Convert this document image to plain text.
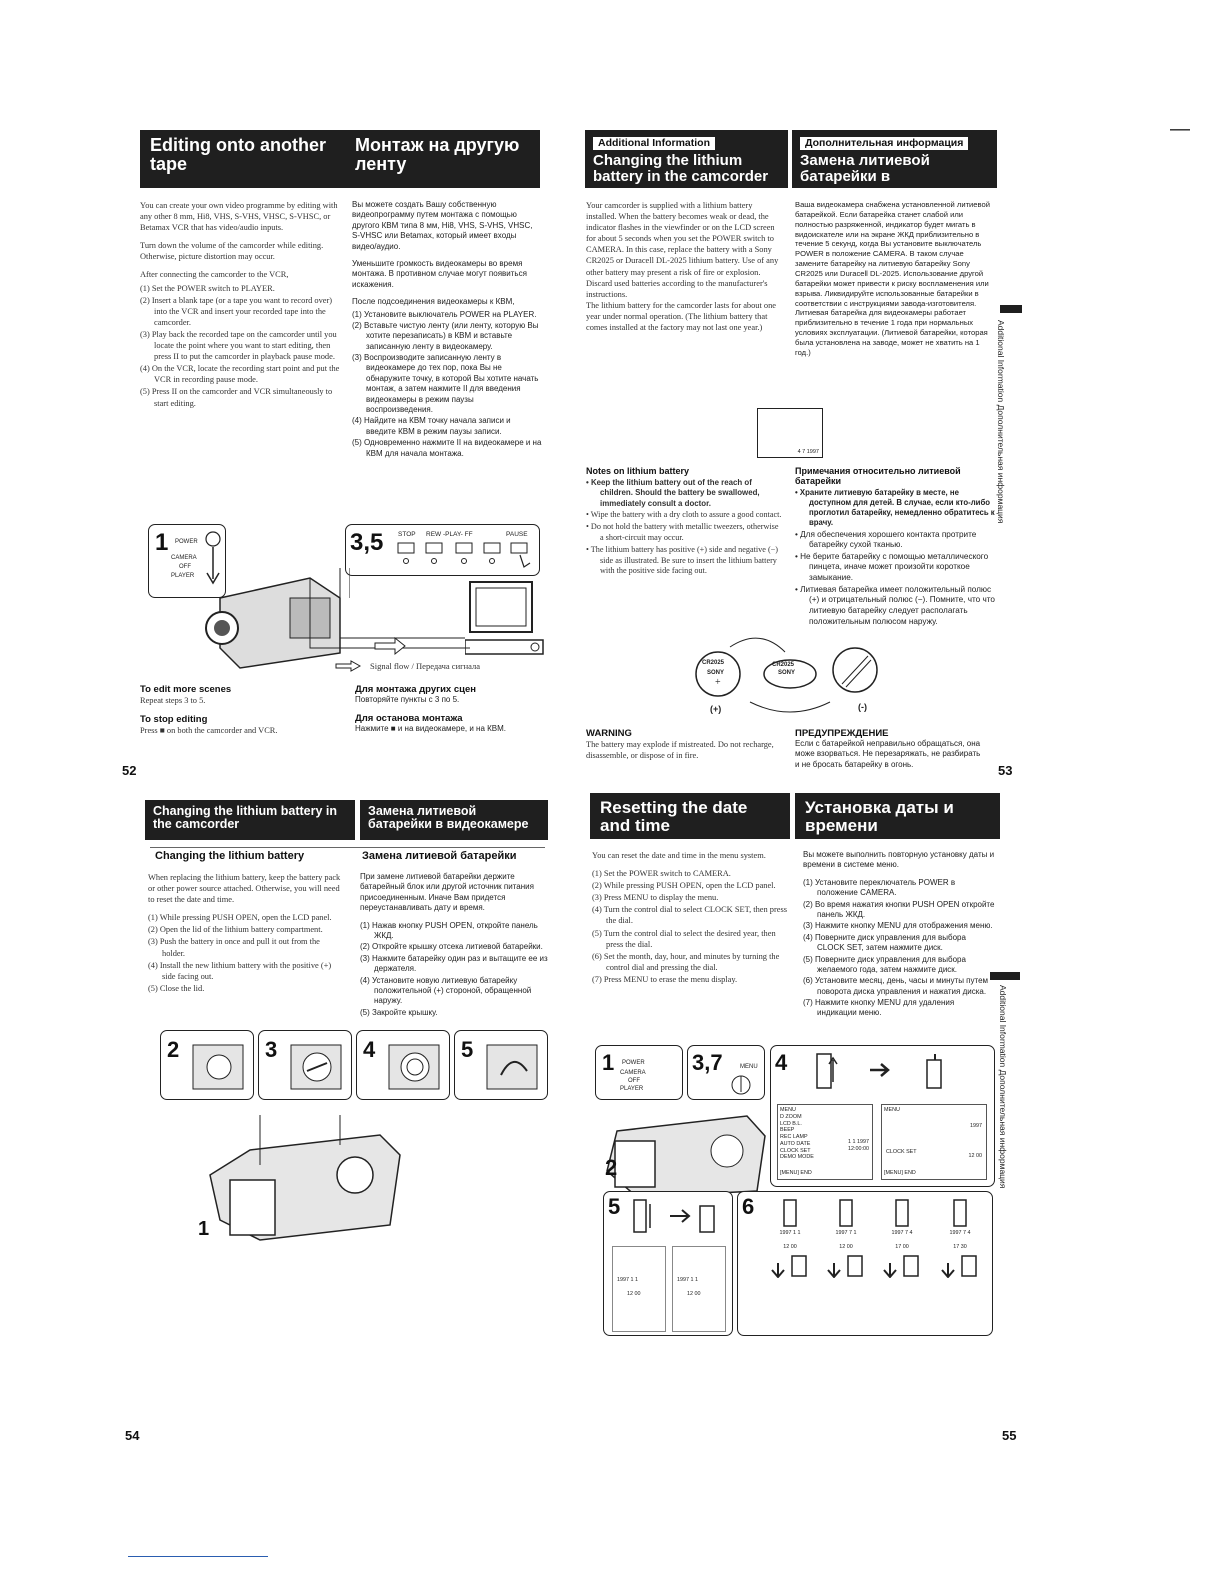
—
Editing onto another tape
Монтаж на другую ленту

You can create your own video programme by editing with any other 8 mm, Hi8, VHS, S-VHS, VHSC, S-VHSC, or Betamax VCR that has video/audio inputs.

Turn down the volume of the camcorder while editing. Otherwise, picture distortion may occur.

After connecting the camcorder to the VCR,

(1) Set the POWER switch to PLAYER.
(2) Insert a blank tape (or a tape you want to record over) into the VCR and insert your recorded tape into the camcorder.
(3) Play back the recorded tape on the camcorder until you locate the point where you want to start editing, then press II to put the camcorder in playback pause mode.
(4) On the VCR, locate the recording start point and put the VCR in recording pause mode.
(5) Press II on the camcorder and VCR simultaneously to start editing.

Вы можете создать Вашу собственную видеопрограмму путем монтажа с помощью другого КВМ типа 8 мм, Hi8, VHS, S-VHS, VHSC, S-VHSC или Betamax, который имеет входы видео/аудио.

Уменьшите громкость видеокамеры во время монтажа. В противном случае могут появиться искажения.

После подсоединения видеокамеры к КВМ,

(1) Установите выключатель POWER на PLAYER.
(2) Вставьте чистую ленту (или ленту, которую Вы хотите перезаписать) в КВМ и вставьте записанную ленту в видеокамеру.
(3) Воспроизводите записанную ленту в видеокамере до тех пор, пока Вы не обнаружите точку, в которой Вы хотите начать монтаж, а затем нажмите II для введения видеокамеры в режим паузы воспроизведения.
(4) Найдите на КВМ точку начала записи и введите КВМ в режим паузы записи.
(5) Одновременно нажмите II на видеокамере и на КВМ для начала монтажа.
1 POWER
CAMERA
OFF
PLAYER
3,5 STOP REW -PLAY- FF	PAUSE
Signal flow / Передача сигнала

To edit more scenes

Repeat steps 3 to 5.

To stop editing

Press ■ on both the camcorder and VCR.

Для монтажа других сцен

Повторяйте пункты с 3 по 5.

Для останова монтажа

Нажмите ■ и на видеокамере, и на КВМ.

52
Additional Information
Changing the lithium battery in the camcorder
Дополнительная информация
Замена литиевой батарейки в видеокамере

Your camcorder is supplied with a lithium battery installed. When the battery becomes weak or dead, the indicator flashes in the viewfinder or on the LCD screen for about 5 seconds when you set the POWER switch to CAMERA. In this case, replace the battery with a Sony CR2025 or Duracell DL-2025 lithium battery. Use of any other battery may present a risk of fire or explosion. Discard used batteries according to the manufacturer's instructions.
The lithium battery for the camcorder lasts for about one year under normal operation. (The lithium battery that comes installed at the factory may not last one year.)

Ваша видеокамера снабжена установленной литиевой батарейкой. Если батарейка станет слабой или полностью разряженной, индикатор будет мигать в видоискателе или на экране ЖКД приблизительно в течение 5 секунд, когда Вы установите выключатель POWER в положение CAMERA. В таком случае замените батарейку на литиевую батарейку Sony CR2025 или Duracell DL-2025. Использование другой батарейки может привести к риску воспламенения или взрыва. Ликвидируйте использованные батарейки в соответствии с инструкциями завода-изготовителя.
Литиевая батарейка для видеокамеры работает приблизительно в течение 1 года при нормальных условиях эксплуатации. (Литиевой батарейки, которая была установлена на заводе, может не хватить на 1 год.)

4 7 1997

Notes on lithium battery

• Keep the lithium battery out of the reach of children. Should the battery be swallowed, immediately consult a doctor.
• Wipe the battery with a dry cloth to assure a good contact.
• Do not hold the battery with metallic tweezers, otherwise a short-circuit may occur.
• The lithium battery has positive (+) side and negative (−) side as illustrated. Be sure to insert the lithium battery with the positive side facing out.

Примечания относительно литиевой батарейки

• Храните литиевую батарейку в месте, не доступном для детей. В случае, если кто-либо проглотил батарейку, немедленно обратитесь к врачу.
• Для обеспечения хорошего контакта протрите батарейку сухой тканью.
• Не берите батарейку с помощью металлического пинцета, иначе может произойти короткое замыкание.
• Литиевая батарейка имеет положительный полюс (+) и отрицательный полюс (−). Помните, что что литиевую батарейку следует располагать положительным полюсом наружу.
CR2025
SONY
+
CR2025
SONY
(+)	(-)

WARNING

The battery may explode if mistreated. Do not recharge, disassemble, or dispose of in fire.

ПРЕДУПРЕЖДЕНИЕ

Если с батарейкой неправильно обращаться, она може взорваться. Не перезаряжать, не разбирать и не бросать батарейку в огонь.	53
Additional Information Дополнительная информация
Changing the lithium battery in the camcorder
Замена литиевой батарейки в видеокамере

Changing the lithium battery	Замена литиевой батарейки

When replacing the lithium battery, keep the battery pack or other power source attached. Otherwise, you will need to reset the date and time.

(1) While pressing PUSH OPEN, open the LCD panel.
(2) Open the lid of the lithium battery compartment.
(3) Push the battery in once and pull it out from the holder.
(4) Install the new lithium battery with the positive (+) side facing out.
(5) Close the lid.

При замене литиевой батарейки держите батарейный блок или другой источник питания присоединенным. Иначе Вам придется переустанавливать дату и время.

(1) Нажав кнопку PUSH OPEN, откройте панель ЖКД.
(2) Откройте крышку отсека литиевой батарейки.
(3) Нажмите батарейку один раз и вытащите ее из держателя.
(4) Установите новую литиевую батарейку положительной (+) стороной, обращенной наружу.
(5) Закройте крышку.
2	3	4	5
1
54
Resetting the date and time
Установка даты и времени

You can reset the date and time in the menu system.

(1) Set the POWER switch to CAMERA.
(2) While pressing PUSH OPEN, open the LCD panel.
(3) Press MENU to display the menu.
(4) Turn the control dial to select CLOCK SET, then press the dial.
(5) Turn the control dial to select the desired year, then press the dial.
(6) Set the month, day, hour, and minutes by turning the control dial and pressing the dial.
(7) Press MENU to erase the menu display.

Вы можете выполнить повторную установку даты и времени в системе меню.

(1) Установите переключатель POWER в положение CAMERA.
(2) Во время нажатия кнопки PUSH OPEN откройте панель ЖКД.
(3) Нажмите кнопку MENU для отображения меню.
(4) Поверните диск управления для выбора CLOCK SET, затем нажмите диск.
(5) Поверните диск управления для выбора желаемого года, затем нажмите диск.
(6) Установите месяц, день, часы и минуты путем поворота диска управления и нажатия диска.
(7) Нажмите кнопку MENU для удаления индикации меню.
1 POWER
CAMERA
OFF
PLAYER
3,7	MENU
2
4
MENU
D ZOOM
LCD B.L.
BEEP
REC LAMP
AUTO DATE
CLOCK SET
DEMO MODE
1 1 1997
12:00:00
[MENU] END
MENU
1997
CLOCK SET
12 00
[MENU] END
5
1997 1 1
12 00
1997 1 1
12 00
6
1997 1 1
12 00

1997 7 1
12 00

1997 7 4
17 00

1997 7 4
17 30

Additional Information Дополнительная информация
55
